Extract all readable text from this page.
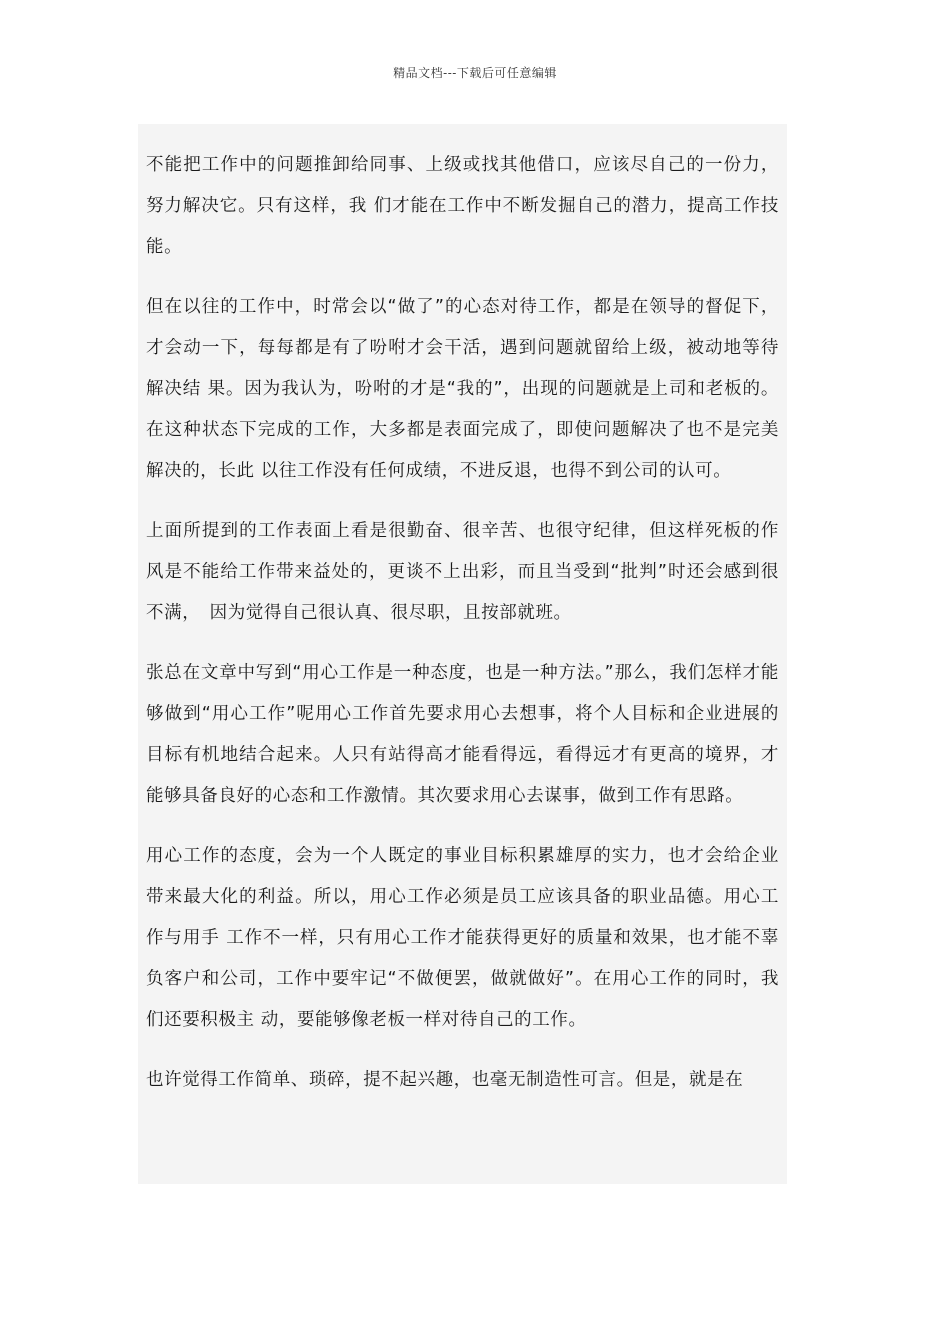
精品文档---下载后可任意编辑

不能把工作中的问题推卸给同事、上级或找其他借口，应该尽自己的一份力，努力解决它。只有这样，我 们才能在工作中不断发掘自己的潜力，提高工作技能。

但在以往的工作中，时常会以“做了”的心态对待工作，都是在领导的督促下，才会动一下，每每都是有了吩咐才会干活，遇到问题就留给上级，被动地等待解决结 果。因为我认为，吩咐的才是“我的”，出现的问题就是上司和老板的。在这种状态下完成的工作，大多都是表面完成了，即使问题解决了也不是完美解决的，长此 以往工作没有任何成绩，不进反退，也得不到公司的认可。

上面所提到的工作表面上看是很勤奋、很辛苦、也很守纪律，但这样死板的作风是不能给工作带来益处的，更谈不上出彩，而且当受到“批判”时还会感到很不满，　因为觉得自己很认真、很尽职，且按部就班。

张总在文章中写到“用心工作是一种态度，也是一种方法。”那么，我们怎样才能够做到“用心工作”呢用心工作首先要求用心去想事，将个人目标和企业进展的 目标有机地结合起来。人只有站得高才能看得远，看得远才有更高的境界，才能够具备良好的心态和工作激情。其次要求用心去谋事，做到工作有思路。

用心工作的态度，会为一个人既定的事业目标积累雄厚的实力，也才会给企业带来最大化的利益。所以，用心工作必须是员工应该具备的职业品德。用心工作与用手 工作不一样，只有用心工作才能获得更好的质量和效果，也才能不辜负客户和公司，工作中要牢记“不做便罢，做就做好”。在用心工作的同时，我们还要积极主 动，要能够像老板一样对待自己的工作。

也许觉得工作简单、琐碎，提不起兴趣，也毫无制造性可言。但是，就是在
